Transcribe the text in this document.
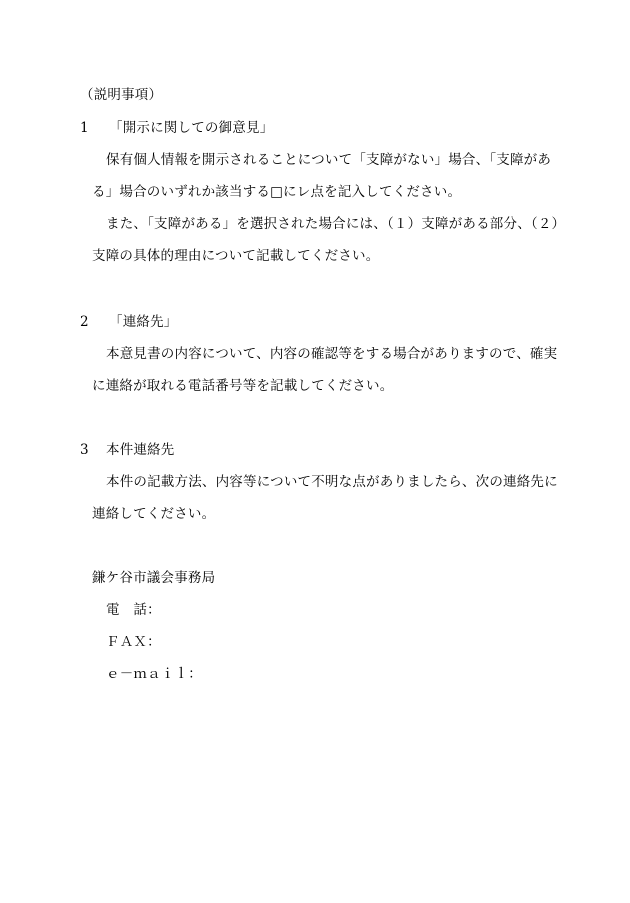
（説明事項）
1 「開示に関しての御意見」
保有個人情報を開示されることについて「支障がない」場合、「支障があ
る」場合のいずれか該当する□にレ点を記入してください。
また、「支障がある」を選択された場合には、（１）支障がある部分、（２）
支障の具体的理由について記載してください。
2 「連絡先」
本意見書の内容について、内容の確認等をする場合がありますので、確実
に連絡が取れる電話番号等を記載してください。
3 本件連絡先
本件の記載方法、内容等について不明な点がありましたら、次の連絡先に
連絡してください。
鎌ケ谷市議会事務局
電　話：
ＦＡＸ：
ｅ－ｍａｉｌ：
